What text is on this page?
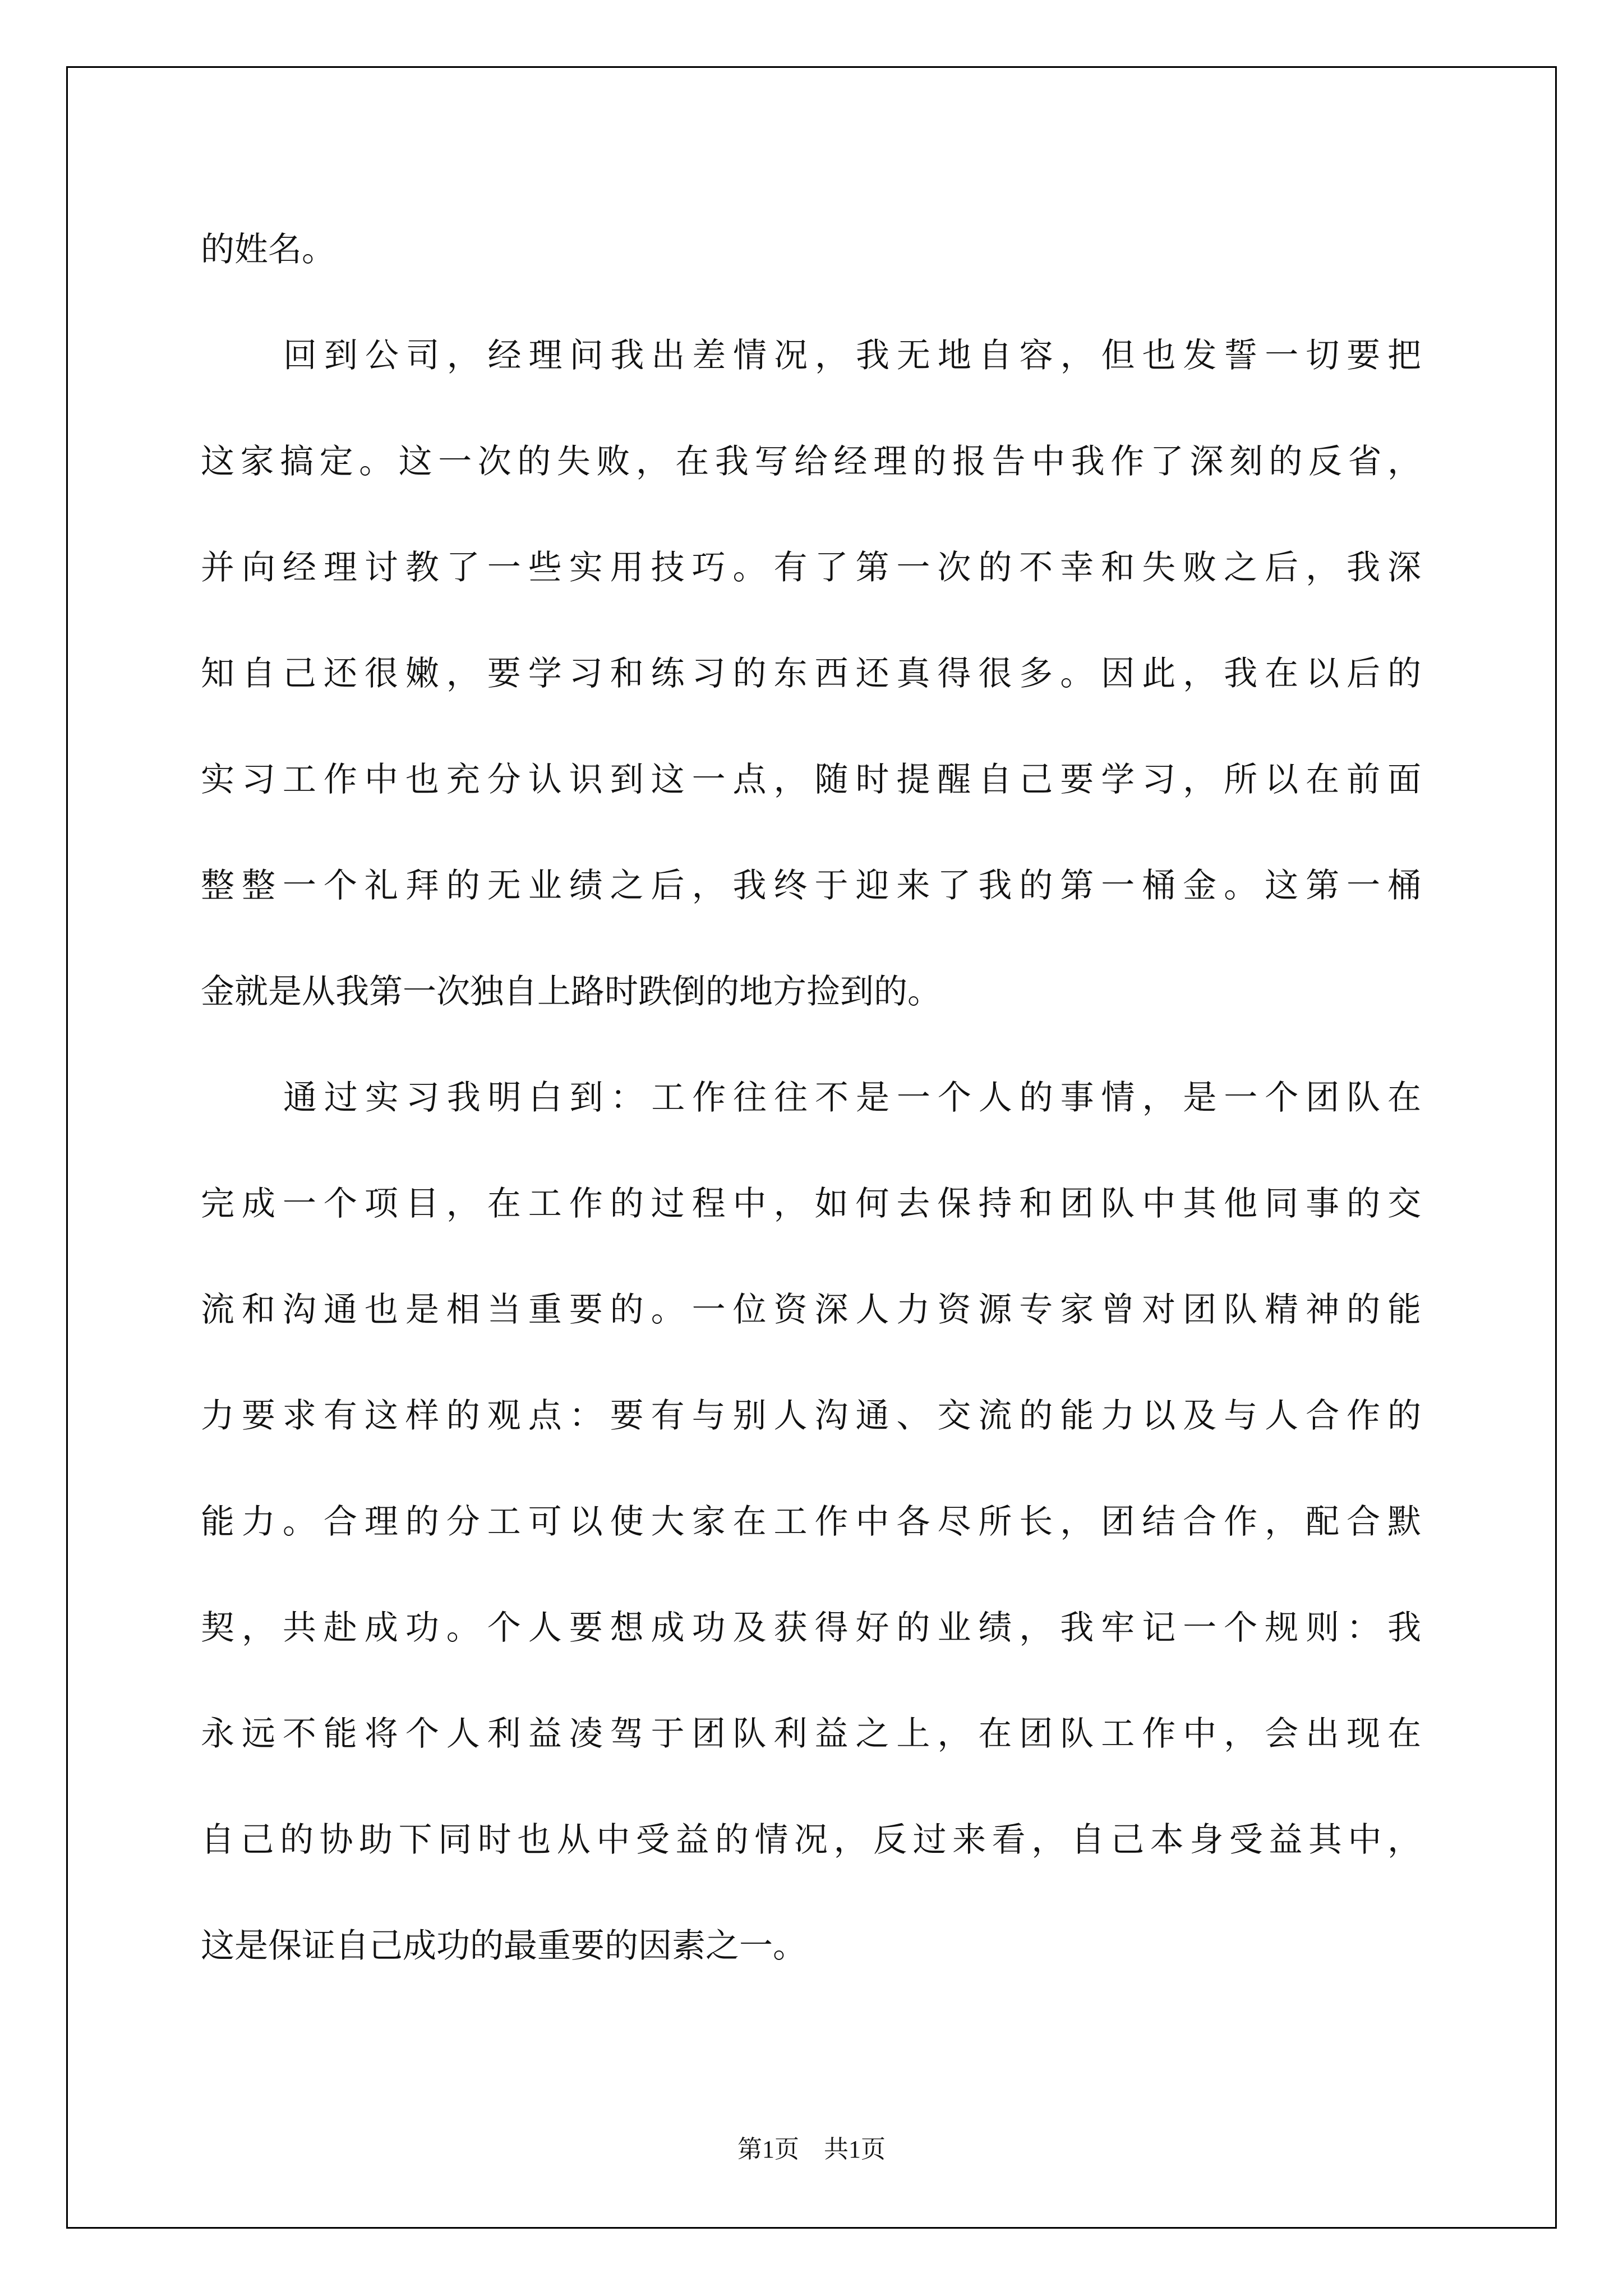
的姓名。
回到公司，经理问我出差情况，我无地自容，但也发誓一切要把
这家搞定。这一次的失败，在我写给经理的报告中我作了深刻的反省，
并向经理讨教了一些实用技巧。有了第一次的不幸和失败之后，我深
知自己还很嫩，要学习和练习的东西还真得很多。因此，我在以后的
实习工作中也充分认识到这一点，随时提醒自己要学习，所以在前面
整整一个礼拜的无业绩之后，我终于迎来了我的第一桶金。这第一桶
金就是从我第一次独自上路时跌倒的地方捡到的。
通过实习我明白到：工作往往不是一个人的事情，是一个团队在
完成一个项目，在工作的过程中，如何去保持和团队中其他同事的交
流和沟通也是相当重要的。一位资深人力资源专家曾对团队精神的能
力要求有这样的观点：要有与别人沟通、交流的能力以及与人合作的
能力。合理的分工可以使大家在工作中各尽所长，团结合作，配合默
契，共赴成功。个人要想成功及获得好的业绩，我牢记一个规则：我
永远不能将个人利益凌驾于团队利益之上，在团队工作中，会出现在
自己的协助下同时也从中受益的情况，反过来看，自己本身受益其中，
这是保证自己成功的最重要的因素之一。
第1页　共1页
